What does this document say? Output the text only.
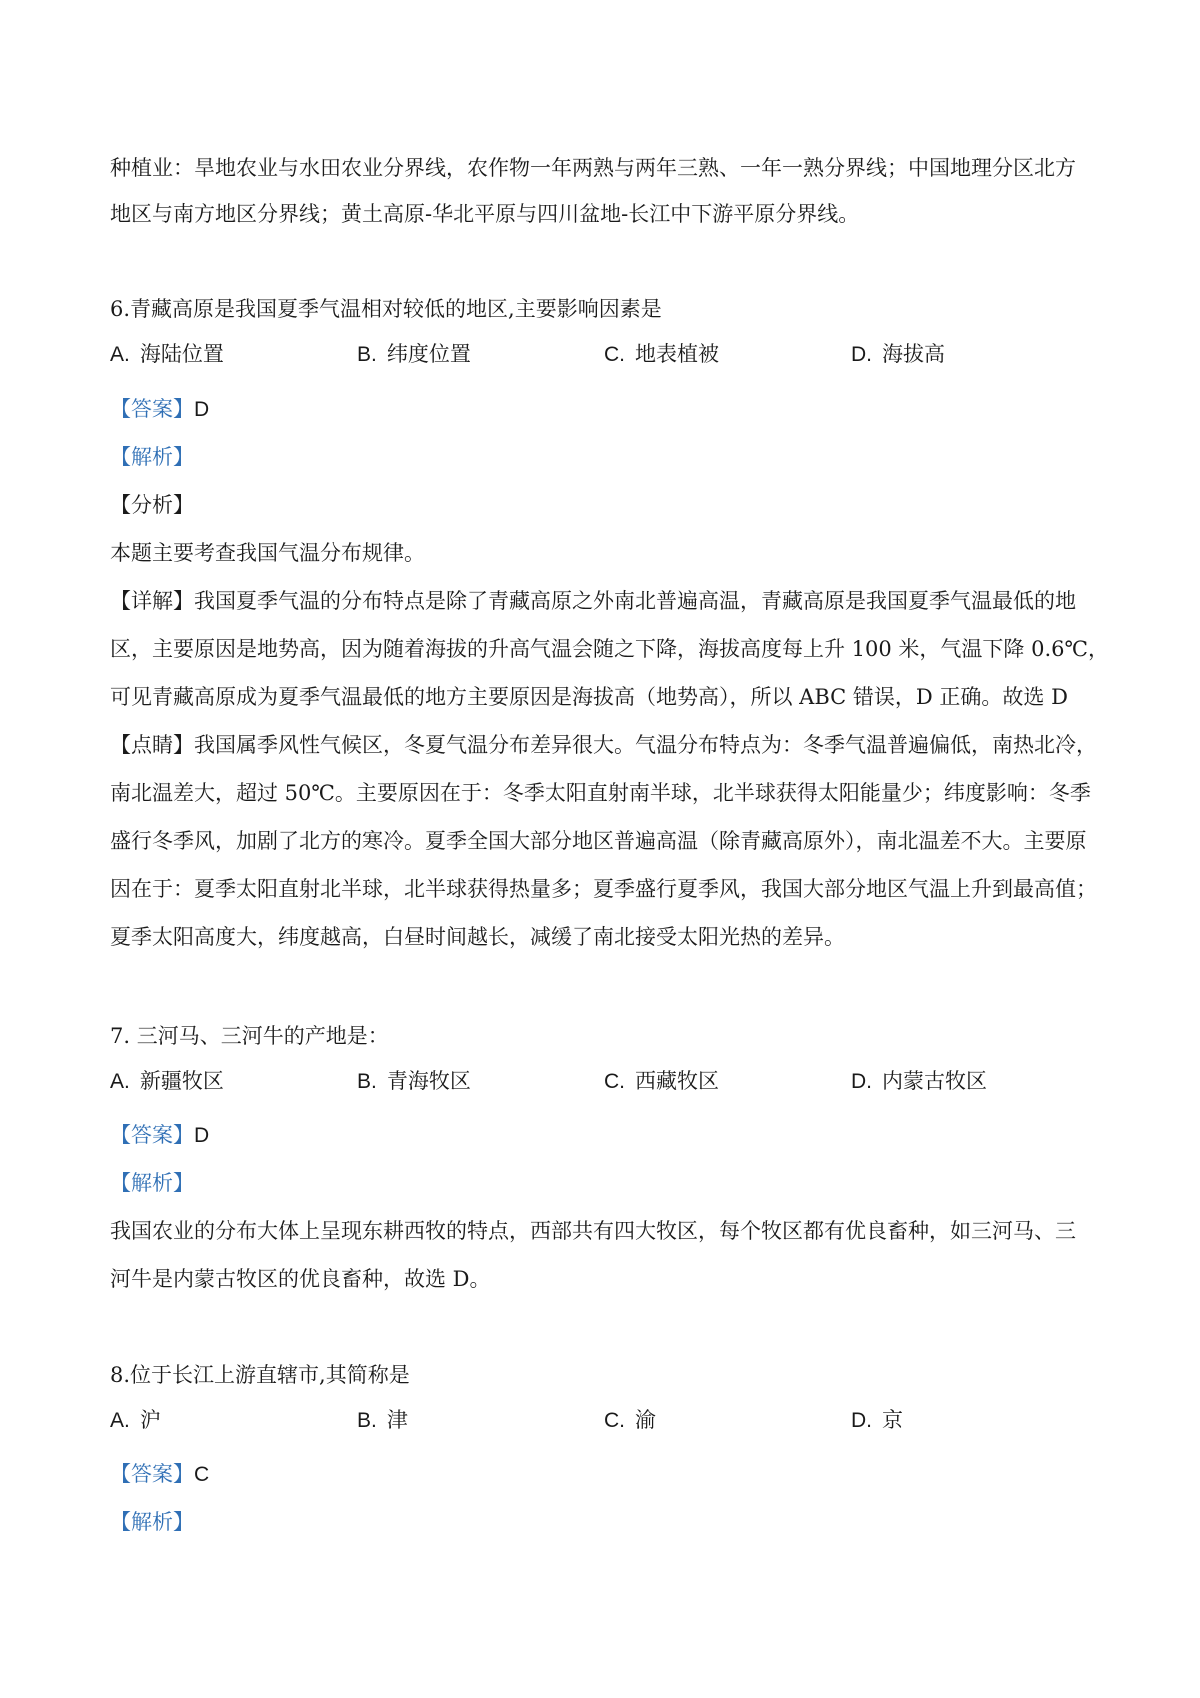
种植业：旱地农业与水田农业分界线，农作物一年两熟与两年三熟、一年一熟分界线；中国地理分区北方

地区与南方地区分界线；黄土高原-华北平原与四川盆地-长江中下游平原分界线。

6.青藏高原是我国夏季气温相对较低的地区,主要影响因素是

A. 海陆位置	B. 纬度位置	C. 地表植被	D. 海拔高

【答案】D

【解析】

【分析】

本题主要考查我国气温分布规律。

【详解】我国夏季气温的分布特点是除了青藏高原之外南北普遍高温，青藏高原是我国夏季气温最低的地

区，主要原因是地势高，因为随着海拔的升高气温会随之下降，海拔高度每上升 100 米，气温下降 0.6℃，

可见青藏高原成为夏季气温最低的地方主要原因是海拔高（地势高），所以 ABC 错误，D 正确。故选 D

【点睛】我国属季风性气候区，冬夏气温分布差异很大。气温分布特点为：冬季气温普遍偏低，南热北冷，

南北温差大，超过 50℃。主要原因在于：冬季太阳直射南半球，北半球获得太阳能量少；纬度影响：冬季

盛行冬季风，加剧了北方的寒冷。夏季全国大部分地区普遍高温（除青藏高原外），南北温差不大。主要原

因在于：夏季太阳直射北半球，北半球获得热量多；夏季盛行夏季风，我国大部分地区气温上升到最高值；

夏季太阳高度大，纬度越高，白昼时间越长，减缓了南北接受太阳光热的差异。

7. 三河马、三河牛的产地是：

A. 新疆牧区	B. 青海牧区	C. 西藏牧区	D. 内蒙古牧区

【答案】D

【解析】

我国农业的分布大体上呈现东耕西牧的特点，西部共有四大牧区，每个牧区都有优良畜种，如三河马、三

河牛是内蒙古牧区的优良畜种，故选 D。

8.位于长江上游直辖市,其简称是

A. 沪	B. 津	C. 渝	D. 京

【答案】C

【解析】
